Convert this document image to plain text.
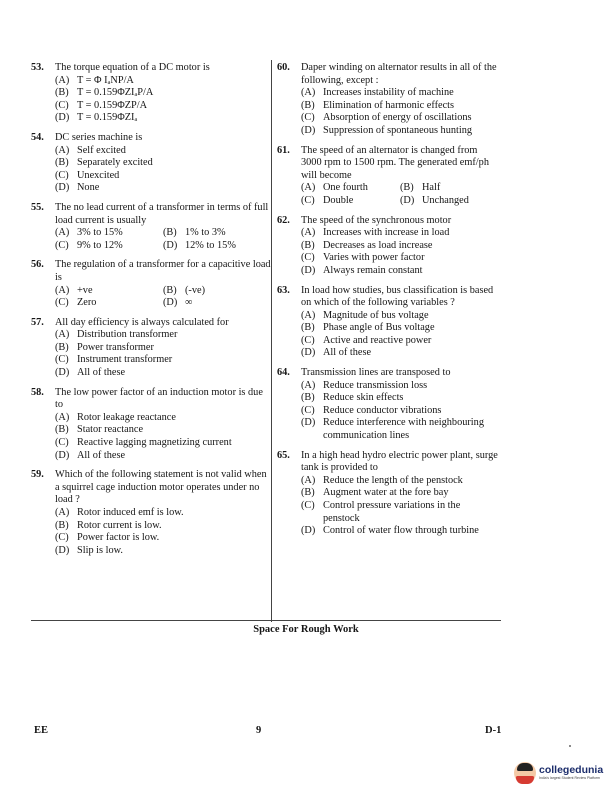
53. The torque equation of a DC motor is
(A) T = Φ IₐNP/A
(B) T = 0.159ΦZIₐP/A
(C) T = 0.159ΦZP/A
(D) T = 0.159ΦZIₐ
54. DC series machine is
(A) Self excited
(B) Separately excited
(C) Unexcited
(D) None
55. The no lead current of a transformer in terms of full load current is usually
(A) 3% to 15%	(B) 1% to 3%
(C) 9% to 12%	(D) 12% to 15%
56. The regulation of a transformer for a capacitive load is
(A) +ve	(B) (-ve)
(C) Zero	(D) ∞
57. All day efficiency is always calculated for
(A) Distribution transformer
(B) Power transformer
(C) Instrument transformer
(D) All of these
58. The low power factor of an induction motor is due to
(A) Rotor leakage reactance
(B) Stator reactance
(C) Reactive lagging magnetizing current
(D) All of these
59. Which of the following statement is not valid when a squirrel cage induction motor operates under no load ?
(A) Rotor induced emf is low.
(B) Rotor current is low.
(C) Power factor is low.
(D) Slip is low.
60. Daper winding on alternator results in all of the following, except :
(A) Increases instability of machine
(B) Elimination of harmonic effects
(C) Absorption of energy of oscillations
(D) Suppression of spontaneous hunting
61. The speed of an alternator is changed from 3000 rpm to 1500 rpm. The generated emf/ph will become
(A) One fourth	(B) Half
(C) Double	(D) Unchanged
62. The speed of the synchronous motor
(A) Increases with increase in load
(B) Decreases as load increase
(C) Varies with power factor
(D) Always remain constant
63. In load how studies, bus classification is based on which of the following variables ?
(A) Magnitude of bus voltage
(B) Phase angle of Bus voltage
(C) Active and reactive power
(D) All of these
64. Transmission lines are transposed to
(A) Reduce transmission loss
(B) Reduce skin effects
(C) Reduce conductor vibrations
(D) Reduce interference with neighbouring communication lines
65. In a high head hydro electric power plant, surge tank is provided to
(A) Reduce the length of the penstock
(B) Augment water at the fore bay
(C) Control pressure variations in the penstock
(D) Control of water flow through turbine
Space For Rough Work
EE	9	D-1
collegedunia
India's largest Student Review Platform
